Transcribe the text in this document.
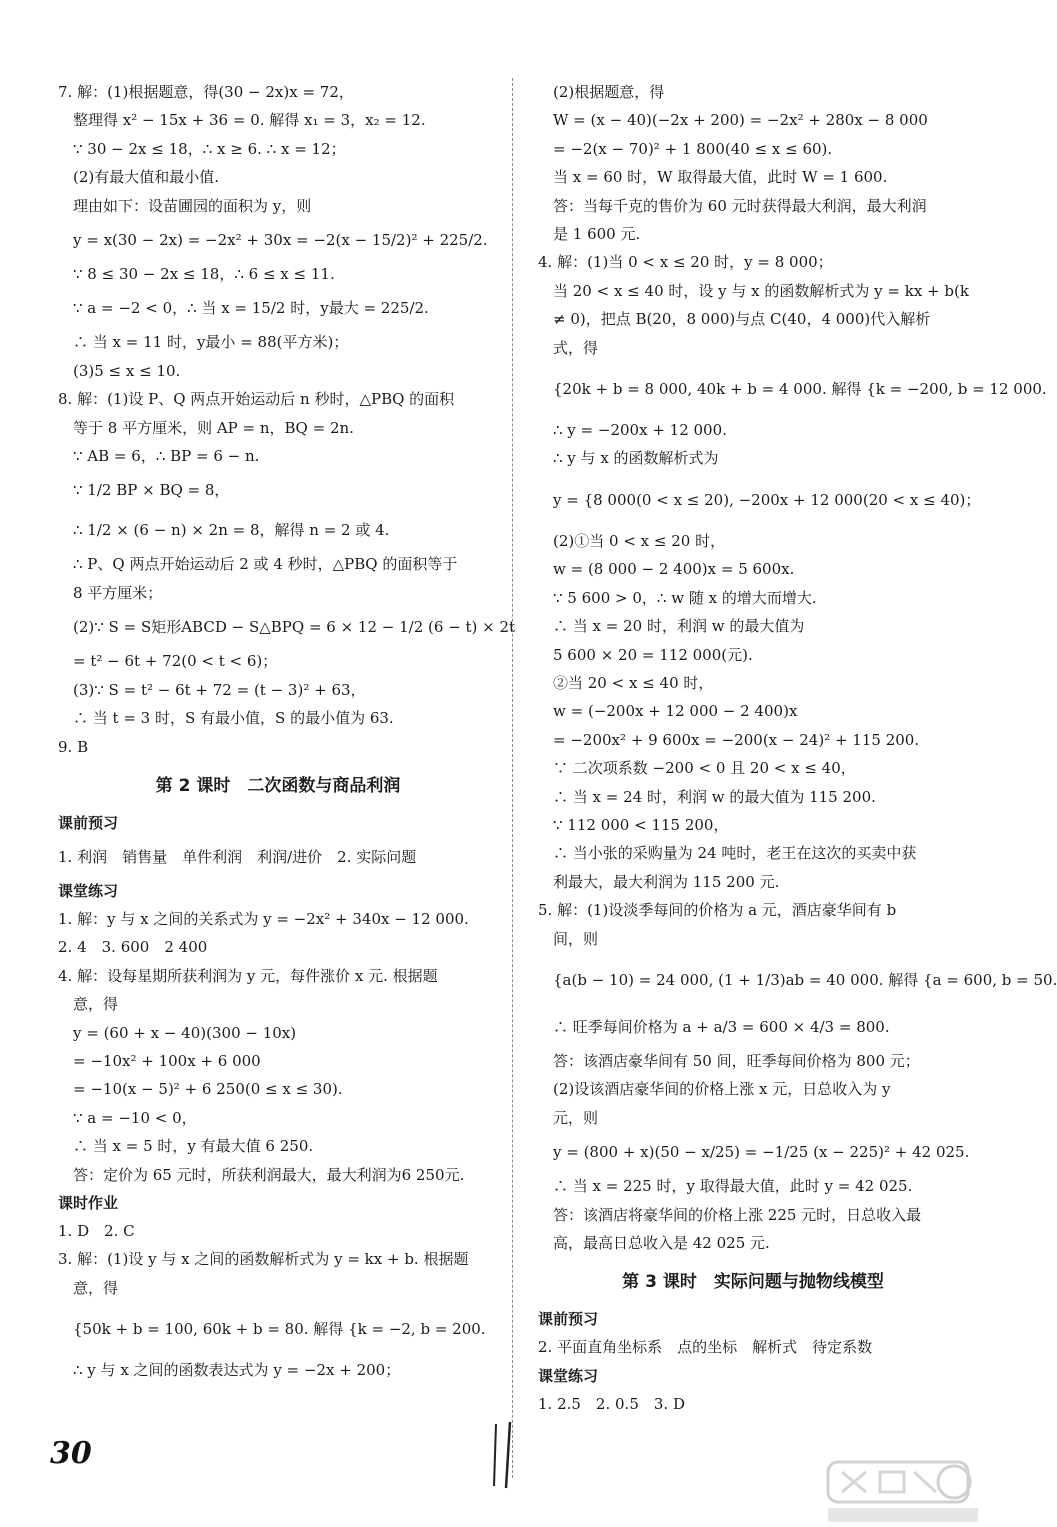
7. 解：(1)根据题意，得(30 − 2x)x = 72，
整理得 x² − 15x + 36 = 0. 解得 x₁ = 3，x₂ = 12.
∵ 30 − 2x ≤ 18，∴ x ≥ 6. ∴ x = 12；
(2)有最大值和最小值.
理由如下：设苗圃园的面积为 y，则
y = x(30 − 2x) = −2x² + 30x = −2(x − 15/2)² + 225/2.
∵ 8 ≤ 30 − 2x ≤ 18，∴ 6 ≤ x ≤ 11.
∵ a = −2 < 0，∴ 当 x = 15/2 时，y最大 = 225/2.
∴ 当 x = 11 时，y最小 = 88(平方米)；
(3)5 ≤ x ≤ 10.
8. 解：(1)设 P、Q 两点开始运动后 n 秒时，△PBQ 的面积
等于 8 平方厘米，则 AP = n，BQ = 2n.
∵ AB = 6，∴ BP = 6 − n.
∵ 1/2 BP × BQ = 8，
∴ 1/2 × (6 − n) × 2n = 8，解得 n = 2 或 4.
∴ P、Q 两点开始运动后 2 或 4 秒时，△PBQ 的面积等于
8 平方厘米；
(2)∵ S = S矩形ABCD − S△BPQ = 6 × 12 − 1/2 (6 − t) × 2t
= t² − 6t + 72(0 < t < 6)；
(3)∵ S = t² − 6t + 72 = (t − 3)² + 63，
∴ 当 t = 3 时，S 有最小值，S 的最小值为 63.
9. B
第 2 课时　二次函数与商品利润
课前预习
1. 利润　销售量　单件利润　利润/进价　2. 实际问题
课堂练习
1. 解：y 与 x 之间的关系式为 y = −2x² + 340x − 12 000.
2. 4　3. 600　2 400
4. 解：设每星期所获利润为 y 元，每件涨价 x 元. 根据题
意，得
y = (60 + x − 40)(300 − 10x)
= −10x² + 100x + 6 000
= −10(x − 5)² + 6 250(0 ≤ x ≤ 30).
∵ a = −10 < 0，
∴ 当 x = 5 时，y 有最大值 6 250.
答：定价为 65 元时，所获利润最大，最大利润为6 250元.
课时作业
1. D　2. C
3. 解：(1)设 y 与 x 之间的函数解析式为 y = kx + b. 根据题
意，得
{50k + b = 100, 60k + b = 80. 解得 {k = −2, b = 200.
∴ y 与 x 之间的函数表达式为 y = −2x + 200；
(2)根据题意，得
W = (x − 40)(−2x + 200) = −2x² + 280x − 8 000
= −2(x − 70)² + 1 800(40 ≤ x ≤ 60).
当 x = 60 时，W 取得最大值，此时 W = 1 600.
答：当每千克的售价为 60 元时获得最大利润，最大利润
是 1 600 元.
4. 解：(1)当 0 < x ≤ 20 时，y = 8 000；
当 20 < x ≤ 40 时，设 y 与 x 的函数解析式为 y = kx + b(k
≠ 0)，把点 B(20，8 000)与点 C(40，4 000)代入解析
式，得
{20k + b = 8 000, 40k + b = 4 000. 解得 {k = −200, b = 12 000.
∴ y = −200x + 12 000.
∴ y 与 x 的函数解析式为
y = {8 000(0 < x ≤ 20), −200x + 12 000(20 < x ≤ 40)；
(2)①当 0 < x ≤ 20 时，
w = (8 000 − 2 400)x = 5 600x.
∵ 5 600 > 0，∴ w 随 x 的增大而增大.
∴ 当 x = 20 时，利润 w 的最大值为
5 600 × 20 = 112 000(元).
②当 20 < x ≤ 40 时，
w = (−200x + 12 000 − 2 400)x
= −200x² + 9 600x = −200(x − 24)² + 115 200.
∵ 二次项系数 −200 < 0 且 20 < x ≤ 40，
∴ 当 x = 24 时，利润 w 的最大值为 115 200.
∵ 112 000 < 115 200，
∴ 当小张的采购量为 24 吨时，老王在这次的买卖中获
利最大，最大利润为 115 200 元.
5. 解：(1)设淡季每间的价格为 a 元，酒店豪华间有 b
间，则
{a(b − 10) = 24 000, (1 + 1/3)ab = 40 000. 解得 {a = 600, b = 50.
∴ 旺季每间价格为 a + a/3 = 600 × 4/3 = 800.
答：该酒店豪华间有 50 间，旺季每间价格为 800 元；
(2)设该酒店豪华间的价格上涨 x 元，日总收入为 y
元，则
y = (800 + x)(50 − x/25) = −1/25 (x − 225)² + 42 025.
∴ 当 x = 225 时，y 取得最大值，此时 y = 42 025.
答：该酒店将豪华间的价格上涨 225 元时，日总收入最
高，最高日总收入是 42 025 元.
第 3 课时　实际问题与抛物线模型
课前预习
2. 平面直角坐标系　点的坐标　解析式　待定系数
课堂练习
1. 2.5　2. 0.5　3. D
30
